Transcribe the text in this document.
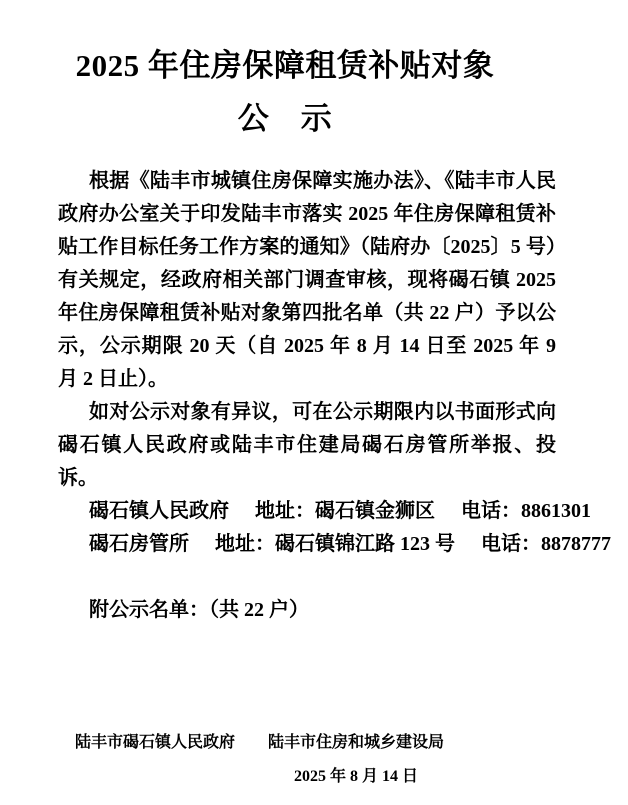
2025 年住房保障租赁补贴对象
公　示

根据《陆丰市城镇住房保障实施办法》、《陆丰市人民政府办公室关于印发陆丰市落实 2025 年住房保障租赁补贴工作目标任务工作方案的通知》（陆府办〔2025〕5 号）有关规定，经政府相关部门调查审核，现将碣石镇 2025 年住房保障租赁补贴对象第四批名单（共 22 户）予以公示，公示期限 20 天（自 2025 年 8 月 14 日至 2025 年 9 月 2 日止）。

如对公示对象有异议，可在公示期限内以书面形式向碣石镇人民政府或陆丰市住建局碣石房管所举报、投诉。

碣石镇人民政府 地址：碣石镇金狮区 电话：8861301
碣石房管所 地址：碣石镇锦江路 123 号 电话：8878777
附公示名单：（共 22 户）
陆丰市碣石镇人民政府 陆丰市住房和城乡建设局
2025 年 8 月 14 日
